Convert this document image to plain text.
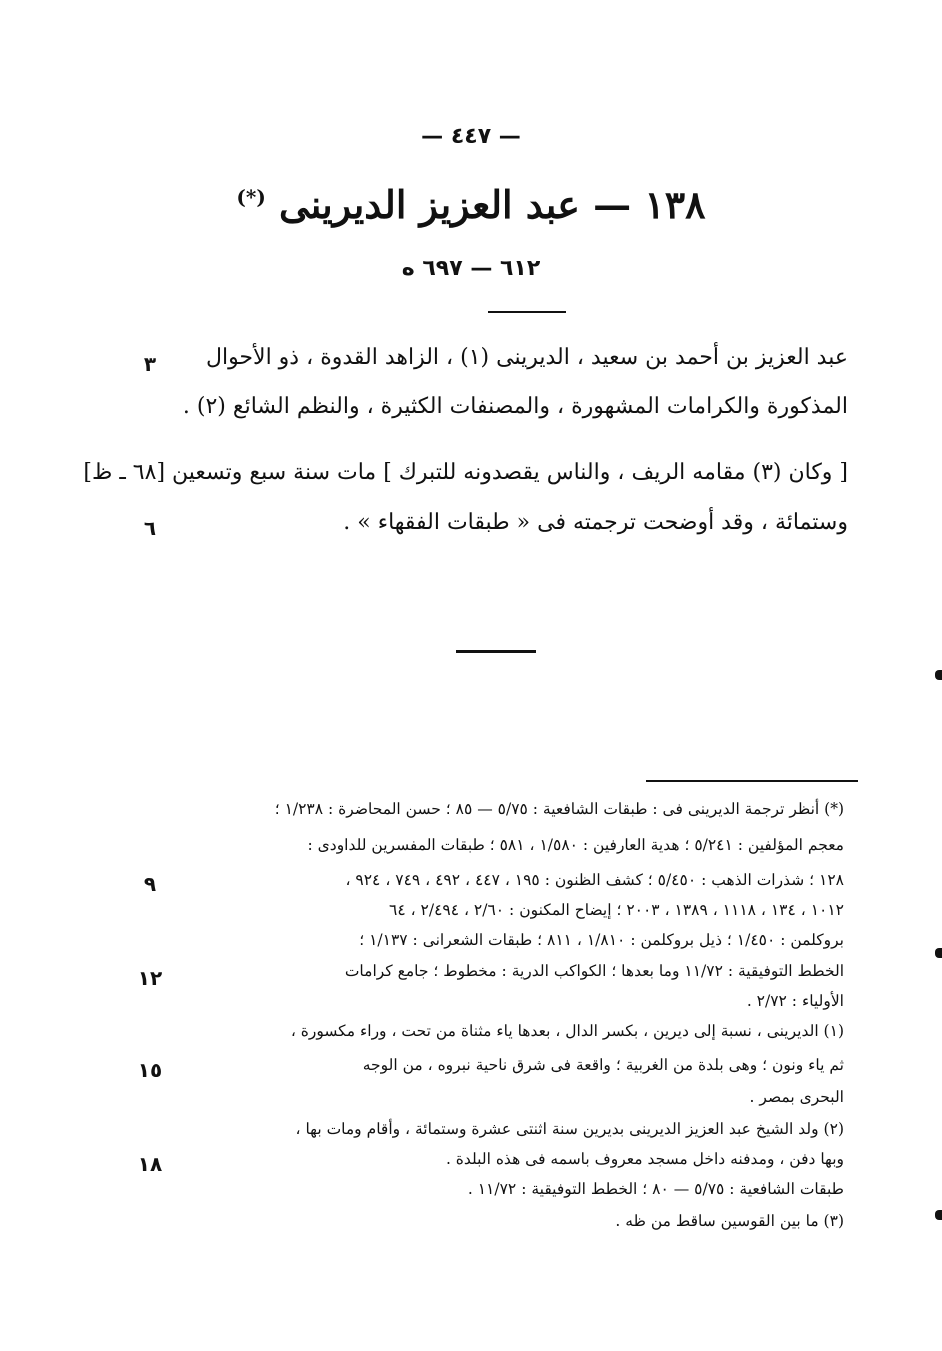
— ٤٤٧ —
١٣٨ — عبد العزيز الديرينى (*)
٦١٢ — ٦٩٧ ه
عبد العزيز بن أحمد بن سعيد ، الديرينى (١) ، الزاهد القدوة ، ذو الأحوال
المذكورة والكرامات المشهورة ، والمصنفات الكثيرة ، والنظم الشائع (٢) .
[ وكان (٣) مقامه الريف ، والناس يقصدونه للتبرك ] مات سنة سبع وتسعين [٦٨ ـ ظ]
وستمائة ، وقد أوضحت ترجمته فى « طبقات الفقهاء » .
٣
٦
(*) أنظر ترجمة الديرينى فى : طبقات الشافعية : ٥/٧٥ — ٨٥ ؛ حسن المحاضرة : ١/٢٣٨ ؛
معجم المؤلفين : ٥/٢٤١ ؛ هدية العارفين : ١/٥٨٠ ، ٥٨١ ؛ طبقات المفسرين للداودى :
١٢٨ ؛ شذرات الذهب : ٥/٤٥٠ ؛ كشف الظنون : ١٩٥ ، ٤٤٧ ، ٤٩٢ ، ٧٤٩ ، ٩٢٤ ،
١٠١٢ ، ١٣٤ ، ١١١٨ ، ١٣٨٩ ، ٢٠٠٣ ؛ إيضاح المكنون : ٢/٦٠ ، ٢/٤٩٤ ، ٦٤
بروكلمن : ١/٤٥٠ ؛ ذيل بروكلمن : ١/٨١٠ ، ٨١١ ؛ طبقات الشعرانى : ١/١٣٧ ؛
الخطط التوفيقية : ١١/٧٢ وما بعدها ؛ الكواكب الدرية : مخطوط ؛ جامع كرامات
الأولياء : ٢/٧٢ .
(١) الديرينى ، نسبة إلى ديرين ، بكسر الدال ، بعدها ياء مثناة من تحت ، وراء مكسورة ،
ثم ياء ونون ؛ وهى بلدة من الغربية ؛ واقعة فى شرق ناحية نبروه ، من الوجه
البحرى بمصر .
(٢) ولد الشيخ عبد العزيز الديرينى بديرين سنة اثنتى عشرة وستمائة ، وأقام ومات بها ،
وبها دفن ، ومدفنه داخل مسجد معروف باسمه فى هذه البلدة .
طبقات الشافعية : ٥/٧٥ — ٨٠ ؛ الخطط التوفيقية : ١١/٧٢ .
(٣) ما بين القوسين ساقط من ظه .
٩
١٢
١٥
١٨
